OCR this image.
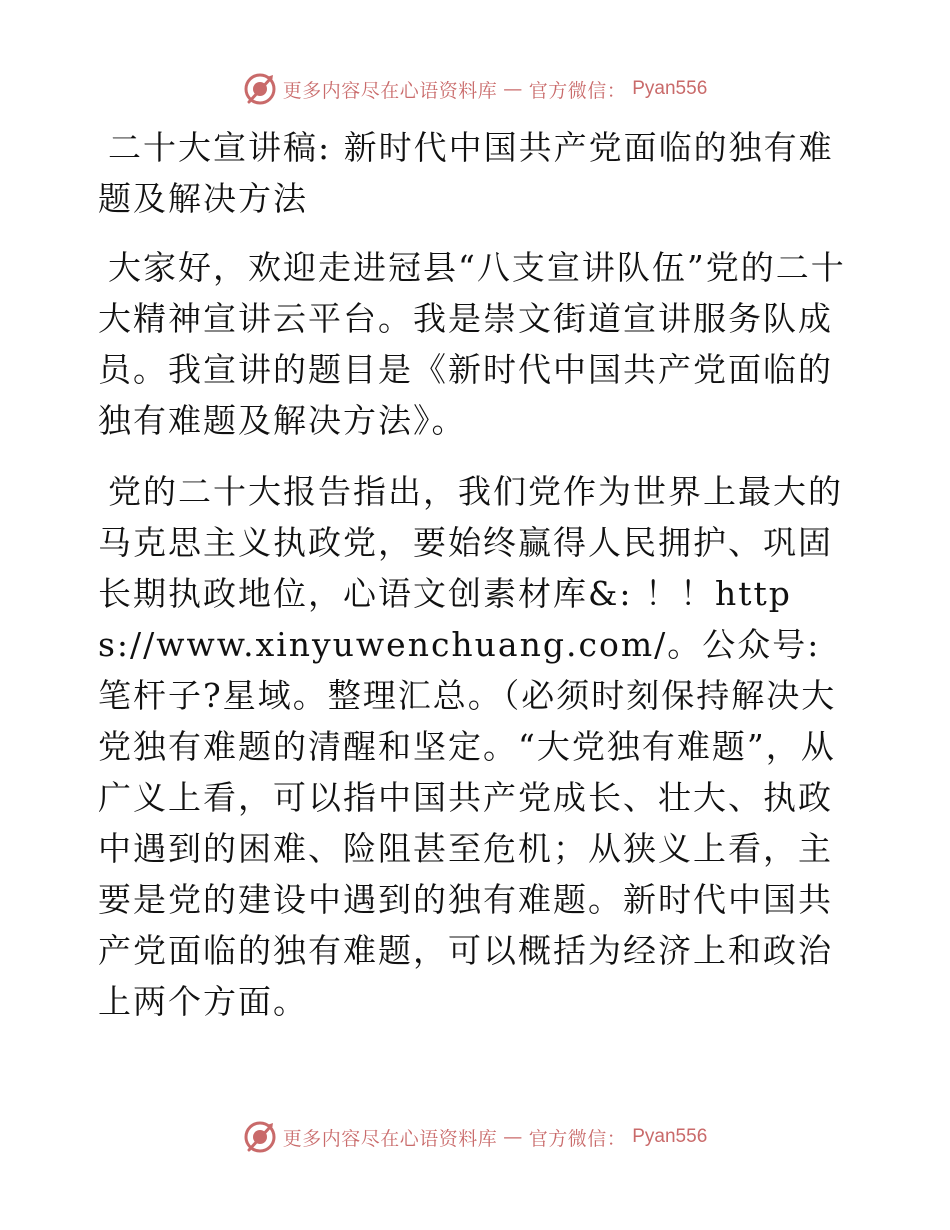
更多内容尽在心语资料库 — 官方微信： Pyan556

二十大宣讲稿: 新时代中国共产党面临的独有难题及解决方法

大家好，欢迎走进冠县“八支宣讲队伍”党的二十大精神宣讲云平台。我是崇文街道宣讲服务队成员。我宣讲的题目是《新时代中国共产党面临的独有难题及解决方法》。

党的二十大报告指出，我们党作为世界上最大的马克思主义执政党，要始终赢得人民拥护、巩固长期执政地位，心语文创素材库&: ！！https://www.xinyuwenchuang.com/。公众号: 笔杆子?星域。整理汇总。（必须时刻保持解决大党独有难题的清醒和坚定。“大党独有难题”，从广义上看，可以指中国共产党成长、壮大、执政中遇到的困难、险阻甚至危机；从狭义上看，主要是党的建设中遇到的独有难题。新时代中国共产党面临的独有难题，可以概括为经济上和政治上两个方面。

更多内容尽在心语资料库 — 官方微信： Pyan556
